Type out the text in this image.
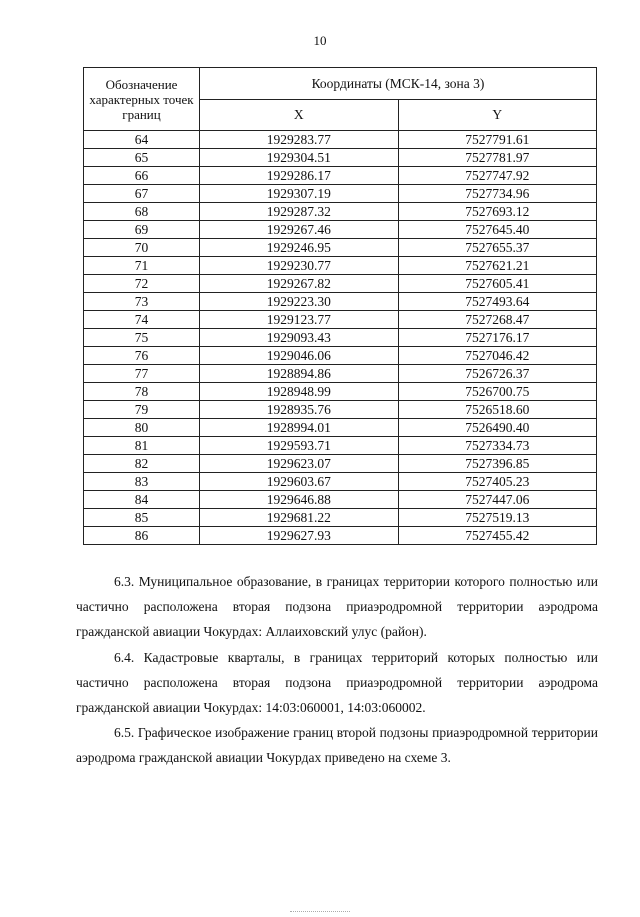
10
Обозначение характерных точек границ	Координаты (МСК-14, зона 3)	
	X	Y
64	1929283.77	7527791.61
65	1929304.51	7527781.97
66	1929286.17	7527747.92
67	1929307.19	7527734.96
68	1929287.32	7527693.12
69	1929267.46	7527645.40
70	1929246.95	7527655.37
71	1929230.77	7527621.21
72	1929267.82	7527605.41
73	1929223.30	7527493.64
74	1929123.77	7527268.47
75	1929093.43	7527176.17
76	1929046.06	7527046.42
77	1928894.86	7526726.37
78	1928948.99	7526700.75
79	1928935.76	7526518.60
80	1928994.01	7526490.40
81	1929593.71	7527334.73
82	1929623.07	7527396.85
83	1929603.67	7527405.23
84	1929646.88	7527447.06
85	1929681.22	7527519.13
86	1929627.93	7527455.42

6.3. Муниципальное образование, в границах территории которого полностью или частично расположена вторая подзона приаэродромной территории аэродрома гражданской авиации Чокурдах: Аллаиховский улус (район).

6.4. Кадастровые кварталы, в границах территорий которых полностью или частично расположена вторая подзона приаэродромной территории аэродрома гражданской авиации Чокурдах: 14:03:060001, 14:03:060002.

6.5. Графическое изображение границ второй подзоны приаэродромной территории аэродрома гражданской авиации Чокурдах приведено на схеме 3.
